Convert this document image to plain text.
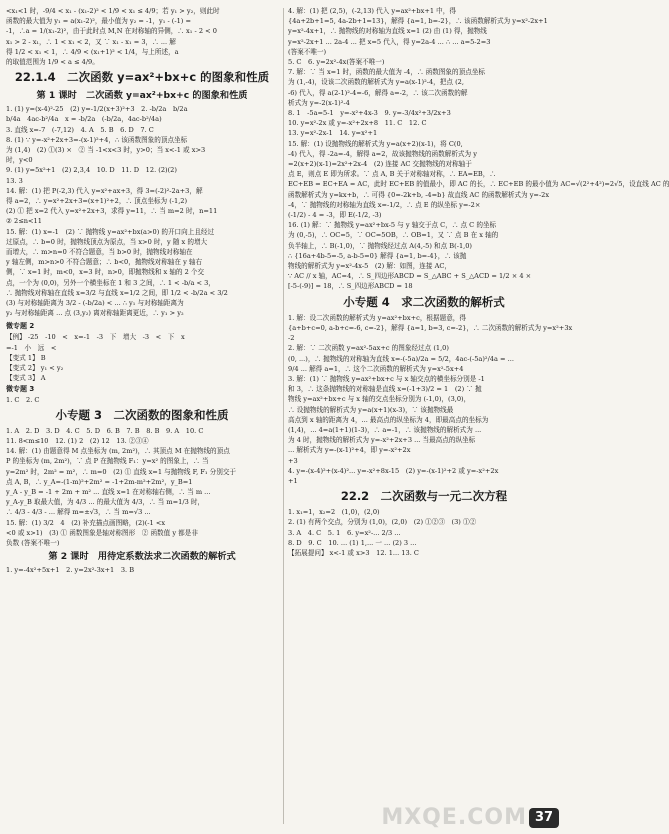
<x₁<1 时，-9/4 < x₁ - (x₁-2)² < 1/9 < x₁ ≤ 4/9；若 y₁ > y₂，则此时
函数的最大值为 y₁ = a(x₁-2)²，最小值为 y₂ = -1，y₁ - (-1) =
-1，∴a = 1/(x₁-2)²，由于此时点 M,N 在对称轴的异侧，∴ x₁ - 2 < 0
x₁ > 2 - x₁，∴ 1 < x₁ < 2，又 ∵ x₁ - x₁ = 3，∴ ... 解
得 1/2 < x₁ < 1，∴ 4/9 < (x₁+1)² < 1/4，与上所述，a
的取值范围为 1/9 < a ≤ 4/9。
22.1.4　二次函数 y=ax²+bx+c 的图象和性质
第 1 课时　二次函数 y=ax²+bx+c 的图象和性质
1. (1) y=(x-4)²-25　(2) y=-1/2(x+3)²+3　2. -b/2a　b/2a
b/4a　4ac-b²/4a　x = -b/2a　(-b/2a，4ac-b²/4a)
3. 直线 x=-7　(-7,12)　4. A　5. B　6. D　7. C
8. (1) ∵ y=-x²+2x+3=-(x-1)²+4，∴ 该函数图象的顶点坐标
为 (1,4)　(2) ①(3) ×　② 当 -1<x<3 时，y>0；当 x<-1 或 x>3
时，y<0
9. (1) y=5x²+1　(2) 2,3,4　10. D　11. D　12. (2)(2)
13. 3
14. 解：(1) 把 P(-2,3) 代入 y=x²+ax+3，得 3=(-2)²-2a+3，解
得 a=2，∴ y=x²+2x+3=(x+1)²+2，∴ 顶点坐标为 (-1,2)
(2) ① 把 x=2 代入 y=x²+2x+3，求得 y=11，∴ 当 m=2 时，n=11
② 2≤n<11
15. 解：(1) x=-1　(2) ∵ 抛物线 y=ax²+bx(a>0) 的开口向上且经过
过原点，∴ b=0 时，抛物线顶点为原点，当 x>0 时，y 随 x 的增大
而增大，∴ m>n=0 不符合题意，当 b>0 时，抛物线对称轴在
y 轴左侧，m>n>0 不符合题意；∴ b<0，抛物线对称轴在 y 轴右
侧，∵ x=1 时，m<0，x=3 时，n>0，即抛物线和 x 轴的 2 个交
点，一个为 (0,0)，另外一个横坐标在 1 和 3 之间，∴ 1 < -b/a < 3，
∴ 抛物线对称轴在直线 x=3/2 与直线 x=1/2 之间，即 1/2 < -b/2a < 3/2
(3) 与对称轴距离为 3/2 - (-b/2a) < ... ∴ y₁ 与对称轴距离为
y₂ 与对称轴距离 ... 点 (3,y₂) 离对称轴距离更近，∴ y₁ > y₂
微专题 2
【例】 -25　-10　<　x=-1　-3　下　增大　-3　<　下　x
=-1　小　远　<
【变式 1】 B
【变式 2】 y₁ < y₂
【变式 3】 A
微专题 3
1. C　2. C
小专题 3　二次函数的图象和性质
1. A　2. D　3. D　4. C　5. D　6. B　7. B　8. B　9. A　10. C
11. 8<m≤10　12. (1) 2　(2) 12　13. ②③④
14. 解：(1) 由题意得 M 点坐标为 (m, 2m²)，∴ 其顶点 M 在抛物线的顶点
P 的坐标为 (m, 2m²)，∵ 点 P 在抛物线 F₁：y=x² 的图象上，∴ 当
y=2m² 时，2m² = m²，∴ m=0　(2) ① 直线 x=1 与抛物线 F, F₁ 分别交于
点 A, B，∴ y_A=-(1-m)²+2m² = -1+2m-m²+2m²，y_B=1
y_A - y_B = -1 + 2m + m² ... 直线 x=1 在对称轴右侧，∴ 当 m ...
y_A-y_B 取最大值，为 4/3 ... 的最大值为 4/3，∴ 当 m=1/3 时，
∴ 4/3 - 4/3 - ... 解得 m=±√3，∴ 当 m=√3 ...
15. 解：(1) 3/2　4　(2) 补充描点画图略，(2)(-1 <x
<0 或 x>1)　(3) ① 函数图象是轴对称图形　② 函数值 y 都是非
负数 (答案不唯一)
第 2 课时　用待定系数法求二次函数的解析式
1. y=-4x²+5x+1　2. y=2x²-3x+1　3. B
4. 解：(1) 把 (2,5)，(-2,13) 代入 y=ax²+bx+1 中，得
{4a+2b+1=5, 4a-2b+1=13}，解得 {a=1, b=-2}，∴ 该函数解析式为 y=x²-2x+1
y=x²-4x+1，∴ 抛物线的对称轴为直线 x=1 (2) 由 (1) 得，抛物线
y=x²-2x+1 ... 2a-4 ... 把 x=5 代入，得 y=2a-4 ... ∴ ... a=5-2=3
(答案不唯一)
5. C　6. y=2x²-4x(答案不唯一)
7. 解：∵ 当 x=1 时，函数的最大值为 -4，∴ 函数图象的顶点坐标
为 (1,-4)，设该二次函数的解析式为 y=a(x-1)²-4，把点 (2,
-6) 代入，得 a(2-1)²-4=-6，解得 a=-2，∴ 该二次函数的解
析式为 y=-2(x-1)²-4
8. 1　-5a=5-1　y=-x²+4x-3　9. y=-3/4x²+3/2x+3
10. y=x²-2x 或 y=-x²+2x+8　11. C　12. C
13. y=x²-2x-1　14. y=x²+1
15. 解：(1) 设抛物线的解析式为 y=a(x+2)(x-1)，将 C(0,
-4) 代入，得 -2a=-4，解得 a=2，故该抛物线的函数解析式为 y
=2(x+2)(x-1)=2x²+2x-4　(2) 连接 AC 交抛物线的对称轴于
点 E，则点 E 即为所求。∵ 点 A, B 关于对称轴对称，∴ EA=EB，∴
EC+EB = EC+EA = AC，此时 EC+EB 的值最小，即 AC 的长，∴ EC+EB 的最小值为 AC=√(2²+4²)=2√5，设直线 AC 的
函数解析式为 y=kx+b，∴ 可得 {0=-2k+b, -4=b} 故直线 AC 的函数解析式为 y=-2x
-4，∵ 抛物线的对称轴为直线 x=-1/2，∴ 点 E 的纵坐标 y=-2×
(-1/2) - 4 = -3，即 E(-1/2, -3)
16. (1) 解：∵ 抛物线 y=ax²+bx-5 与 y 轴交于点 C，∴ 点 C 的坐标
为 (0,-5)，∴ OC=5，∵ OC=5OB，∴ OB=1，又 ∵ 点 B 在 x 轴的
负半轴上，∴ B(-1,0)，∵ 抛物线经过点 A(4,-5) 和点 B(-1,0)
∴ {16a+4b-5=-5, a-b-5=0} 解得 {a=1, b=-4}，∴ 该抛
物线的解析式为 y=x²-4x-5　(2) 解：如图，连接 AC，
∵ AC // x 轴，AC=4，∴ S_四边形ABCD = S_△ABC + S_△ACD = 1/2 × 4 ×
[-5-(-9)] = 18，∴ S_四边形ABCD = 18
小专题 4　求二次函数的解析式
1. 解：设二次函数的解析式为 y=ax²+bx+c，根据题意，得
{a+b+c=0, a-b+c=-6, c=-2}，解得 {a=1, b=3, c=-2}，∴ 二次函数的解析式为 y=x²+3x
-2
2. 解：∵ 二次函数 y=ax²-5ax+c 的图象经过点 (1,0)
(0, ...)，∴ 抛物线的对称轴为直线 x=-(-5a)/2a = 5/2，4ac-(-5a)²/4a = ...
9/4 ... 解得 a=1，∴ 这个二次函数的解析式为 y=x²-5x+4
3. 解：(1) ∵ 抛物线 y=ax²+bx+c 与 x 轴交点的横坐标分别是 -1
和 3，∴ 这条抛物线的对称轴是直线 x=(-1+3)/2 = 1　(2) ∵ 抛
物线 y=ax²+bx+c 与 x 轴的交点坐标分别为 (-1,0)，(3,0)，
∴ 设抛物线的解析式为 y=a(x+1)(x-3)，∵ 该抛物线最
高点到 x 轴的距离为 4，... 最高点的纵坐标为 4，即最高点的坐标为
(1,4)，... 4=a(1+1)(1-3)，∴ a=-1，∴ 该抛物线的解析式为 ...
为 4 时，抛物线的解析式为 y=-x²+2x+3 ... 当最高点的纵坐标
... 解析式为 y=-(x-1)²+4，即 y=-x²+2x
+3
4. y=-(x-4)²+(x-4)²... y=-x²+8x-15　(2) y=-(x-1)²+2 或 y=-x²+2x
+1
22.2　二次函数与一元二次方程
1. x₁=1，x₂=2　(1,0)，(2,0)
2. (1) 有两个交点，分别为 (1,0)，(2,0)　(2) ①②③　(3) ①②
3. A　4. C　5. 1　6. y=x²-... 2/3 ...
8. D　9. C　10. ... (1) 1,... 一 ... (2) 3 ...
【拓展提问】 x<-1 或 x>3　12. 1... 13. C
MXQE.COM 37
